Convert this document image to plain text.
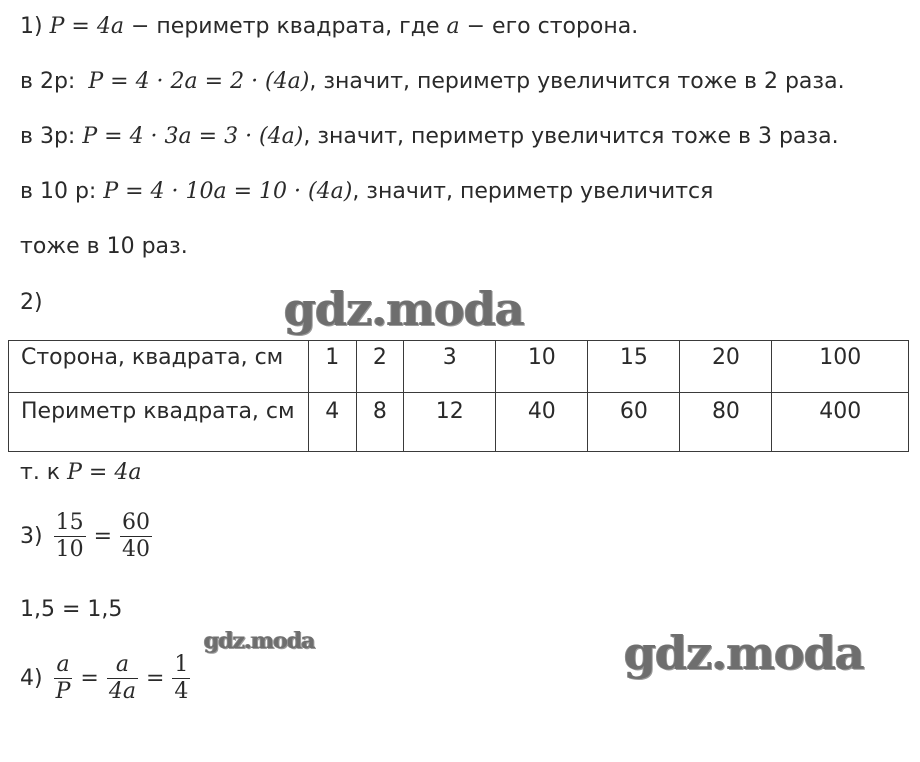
1) P = 4a − периметр квадрата, где a − его сторона.
в 2р: P = 4 · 2a = 2 · (4a), значит, периметр увеличится тоже в 2 раза.
в 3р: P = 4 · 3a = 3 · (4a), значит, периметр увеличится тоже в 3 раза.
в 10 р: P = 4 · 10a = 10 · (4a), значит, периметр увеличится
тоже в 10 раз.
2)	gdz.moda
Сторона, квадрата, см	1	2	3	10	15	20	100
Периметр квадрата, см	4	8	12	40	60	80	400
т. к P = 4a
$3) \frac{15}{10} = \frac{60}{40}$
1,5 = 1,5
gdz.moda
$4) \frac{a}{P} = \frac{a}{4a} = \frac{1}{4}$	gdz.moda
